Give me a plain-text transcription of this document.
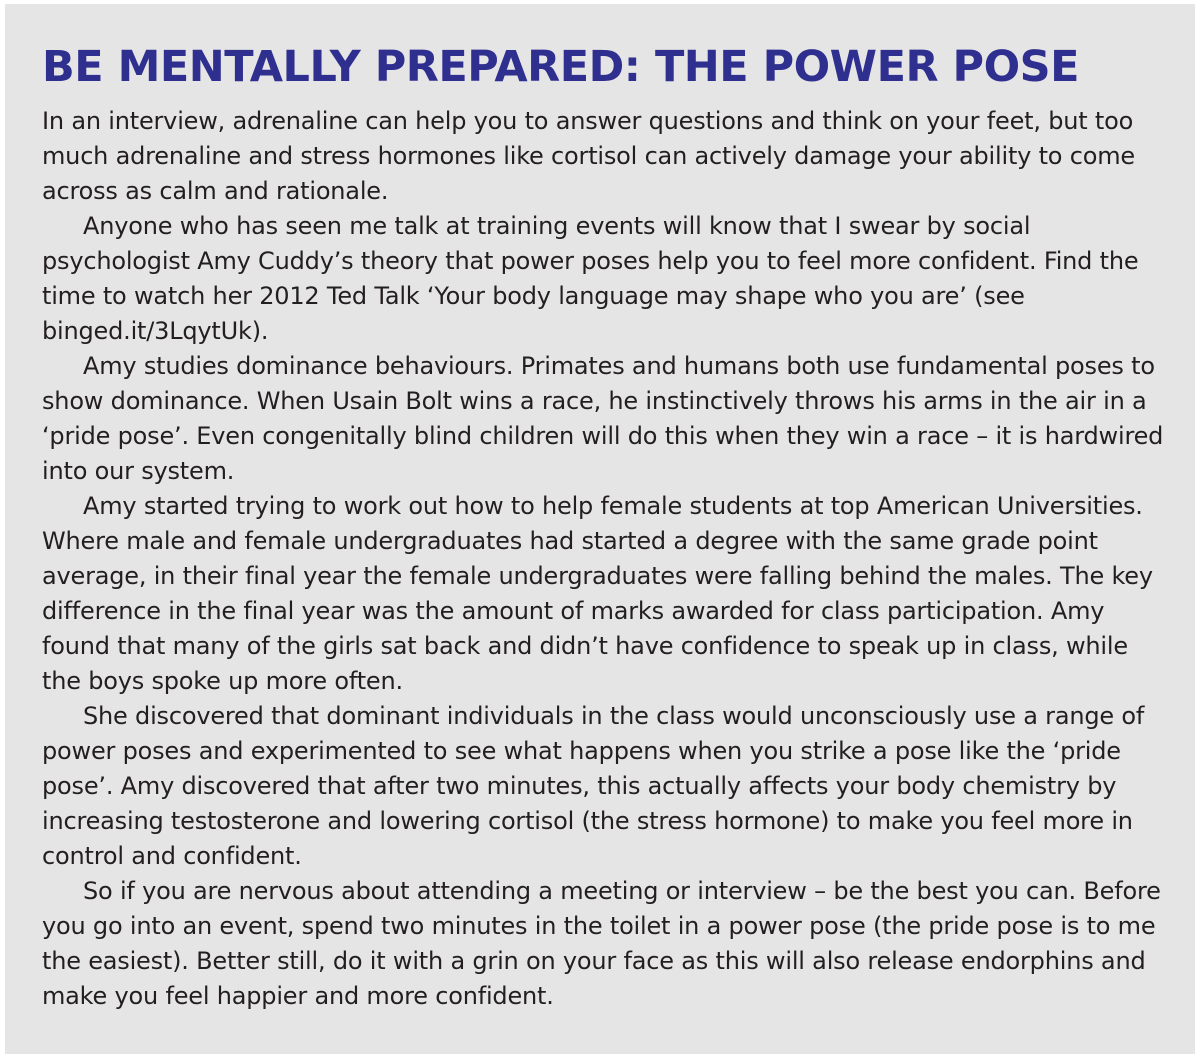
BE MENTALLY PREPARED: THE POWER POSE

In an interview, adrenaline can help you to answer questions and think on your feet, but too much adrenaline and stress hormones like cortisol can actively damage your ability to come across as calm and rationale.

Anyone who has seen me talk at training events will know that I swear by social psychologist Amy Cuddy’s theory that power poses help you to feel more confident. Find the time to watch her 2012 Ted Talk ‘Your body language may shape who you are’ (see binged.it/3LqytUk).

Amy studies dominance behaviours. Primates and humans both use fundamental poses to show dominance. When Usain Bolt wins a race, he instinctively throws his arms in the air in a ‘pride pose’. Even congenitally blind children will do this when they win a race – it is hardwired into our system.

Amy started trying to work out how to help female students at top American Universities. Where male and female undergraduates had started a degree with the same grade point average, in their final year the female undergraduates were falling behind the males. The key difference in the final year was the amount of marks awarded for class participation. Amy found that many of the girls sat back and didn’t have confidence to speak up in class, while the boys spoke up more often.

She discovered that dominant individuals in the class would unconsciously use a range of power poses and experimented to see what happens when you strike a pose like the ‘pride pose’. Amy discovered that after two minutes, this actually affects your body chemistry by increasing testosterone and lowering cortisol (the stress hormone) to make you feel more in control and confident.

So if you are nervous about attending a meeting or interview – be the best you can. Before you go into an event, spend two minutes in the toilet in a power pose (the pride pose is to me the easiest). Better still, do it with a grin on your face as this will also release endorphins and make you feel happier and more confident.
